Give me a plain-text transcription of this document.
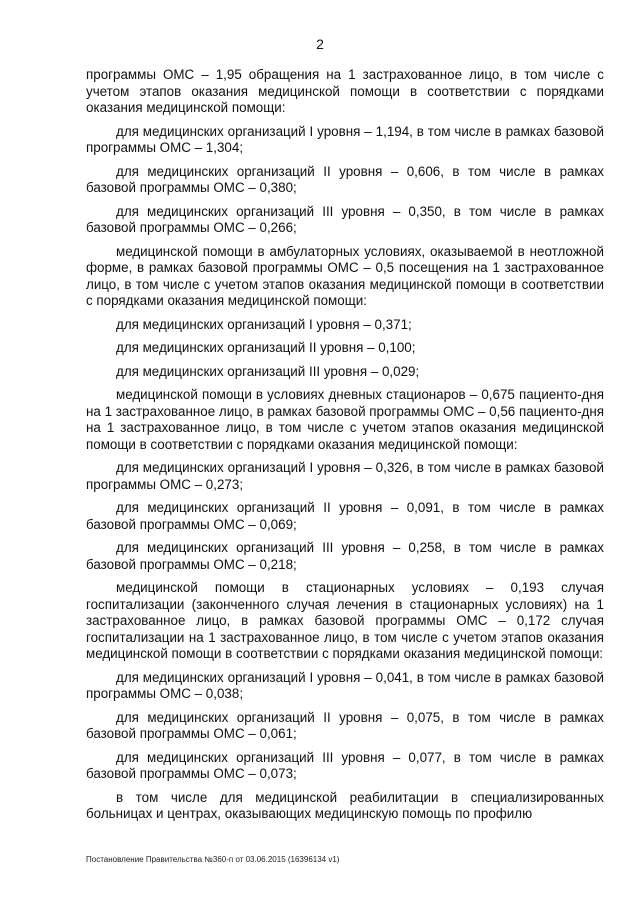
2

программы ОМС – 1,95 обращения на 1 застрахованное лицо, в том числе с учетом этапов оказания медицинской помощи в соответствии с порядками оказания медицинской помощи:

для медицинских организаций I уровня – 1,194, в том числе в рамках базовой программы ОМС – 1,304;

для медицинских организаций II уровня – 0,606, в том числе в рамках базовой программы ОМС – 0,380;

для медицинских организаций III уровня – 0,350, в том числе в рамках базовой программы ОМС – 0,266;

медицинской помощи в амбулаторных условиях, оказываемой в неотложной форме, в рамках базовой программы ОМС – 0,5 посещения на 1 застрахованное лицо, в том числе с учетом этапов оказания медицинской помощи в соответствии с порядками оказания медицинской помощи:

для медицинских организаций I уровня – 0,371;

для медицинских организаций II уровня – 0,100;

для медицинских организаций III уровня – 0,029;

медицинской помощи в условиях дневных стационаров – 0,675 пациенто-дня на 1 застрахованное лицо, в рамках базовой программы ОМС – 0,56 пациенто-дня на 1 застрахованное лицо, в том числе с учетом этапов оказания медицинской помощи в соответствии с порядками оказания медицинской помощи:

для медицинских организаций I уровня – 0,326, в том числе в рамках базовой программы ОМС – 0,273;

для медицинских организаций II уровня – 0,091, в том числе в рамках базовой программы ОМС – 0,069;

для медицинских организаций III уровня – 0,258, в том числе в рамках базовой программы ОМС – 0,218;

медицинской помощи в стационарных условиях – 0,193 случая госпитализации (законченного случая лечения в стационарных условиях) на 1 застрахованное лицо, в рамках базовой программы ОМС – 0,172 случая госпитализации на 1 застрахованное лицо, в том числе с учетом этапов оказания медицинской помощи в соответствии с порядками оказания медицинской помощи:

для медицинских организаций I уровня – 0,041, в том числе в рамках базовой программы ОМС – 0,038;

для медицинских организаций II уровня – 0,075, в том числе в рамках базовой программы ОМС – 0,061;

для медицинских организаций III уровня – 0,077, в том числе в рамках базовой программы ОМС – 0,073;

в том числе для медицинской реабилитации в специализированных больницах и центрах, оказывающих медицинскую помощь по профилю

Постановление Правительства №360-п от 03.06.2015 (16396134 v1)
